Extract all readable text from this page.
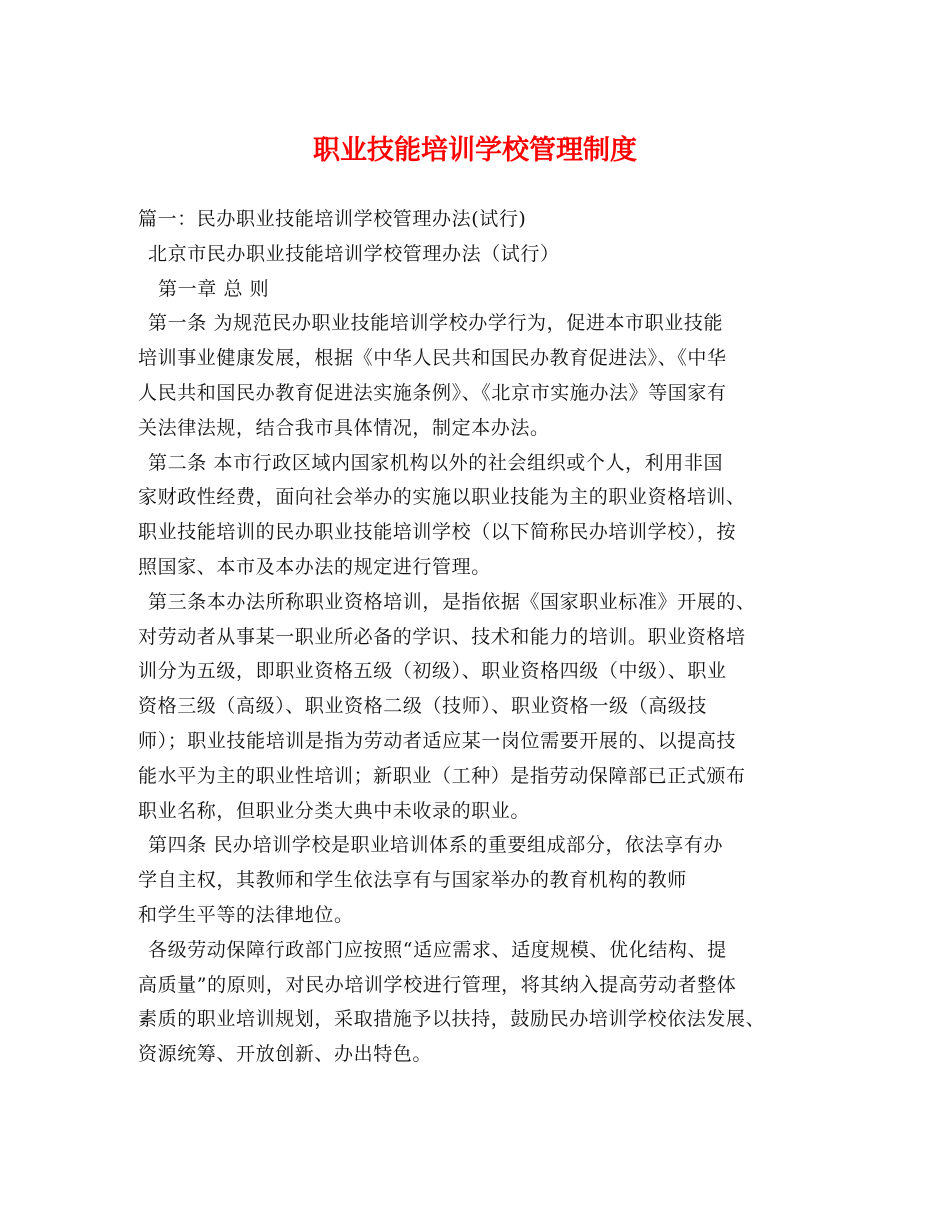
职业技能培训学校管理制度
篇一：民办职业技能培训学校管理办法(试行)
北京市民办职业技能培训学校管理办法（试行）
第一章 总 则
第一条 为规范民办职业技能培训学校办学行为，促进本市职业技能
培训事业健康发展，根据《中华人民共和国民办教育促进法》、《中华
人民共和国民办教育促进法实施条例》、《北京市实施办法》等国家有
关法律法规，结合我市具体情况，制定本办法。
第二条 本市行政区域内国家机构以外的社会组织或个人，利用非国
家财政性经费，面向社会举办的实施以职业技能为主的职业资格培训、
职业技能培训的民办职业技能培训学校（以下简称民办培训学校），按
照国家、本市及本办法的规定进行管理。
第三条本办法所称职业资格培训，是指依据《国家职业标准》开展的、
对劳动者从事某一职业所必备的学识、技术和能力的培训。职业资格培
训分为五级，即职业资格五级（初级）、职业资格四级（中级）、职业
资格三级（高级）、职业资格二级（技师）、职业资格一级（高级技
师）；职业技能培训是指为劳动者适应某一岗位需要开展的、以提高技
能水平为主的职业性培训；新职业（工种）是指劳动保障部已正式颁布
职业名称，但职业分类大典中未收录的职业。
第四条 民办培训学校是职业培训体系的重要组成部分，依法享有办
学自主权，其教师和学生依法享有与国家举办的教育机构的教师
和学生平等的法律地位。
各级劳动保障行政部门应按照“适应需求、适度规模、优化结构、提
高质量”的原则，对民办培训学校进行管理，将其纳入提高劳动者整体
素质的职业培训规划，采取措施予以扶持，鼓励民办培训学校依法发展、
资源统筹、开放创新、办出特色。
